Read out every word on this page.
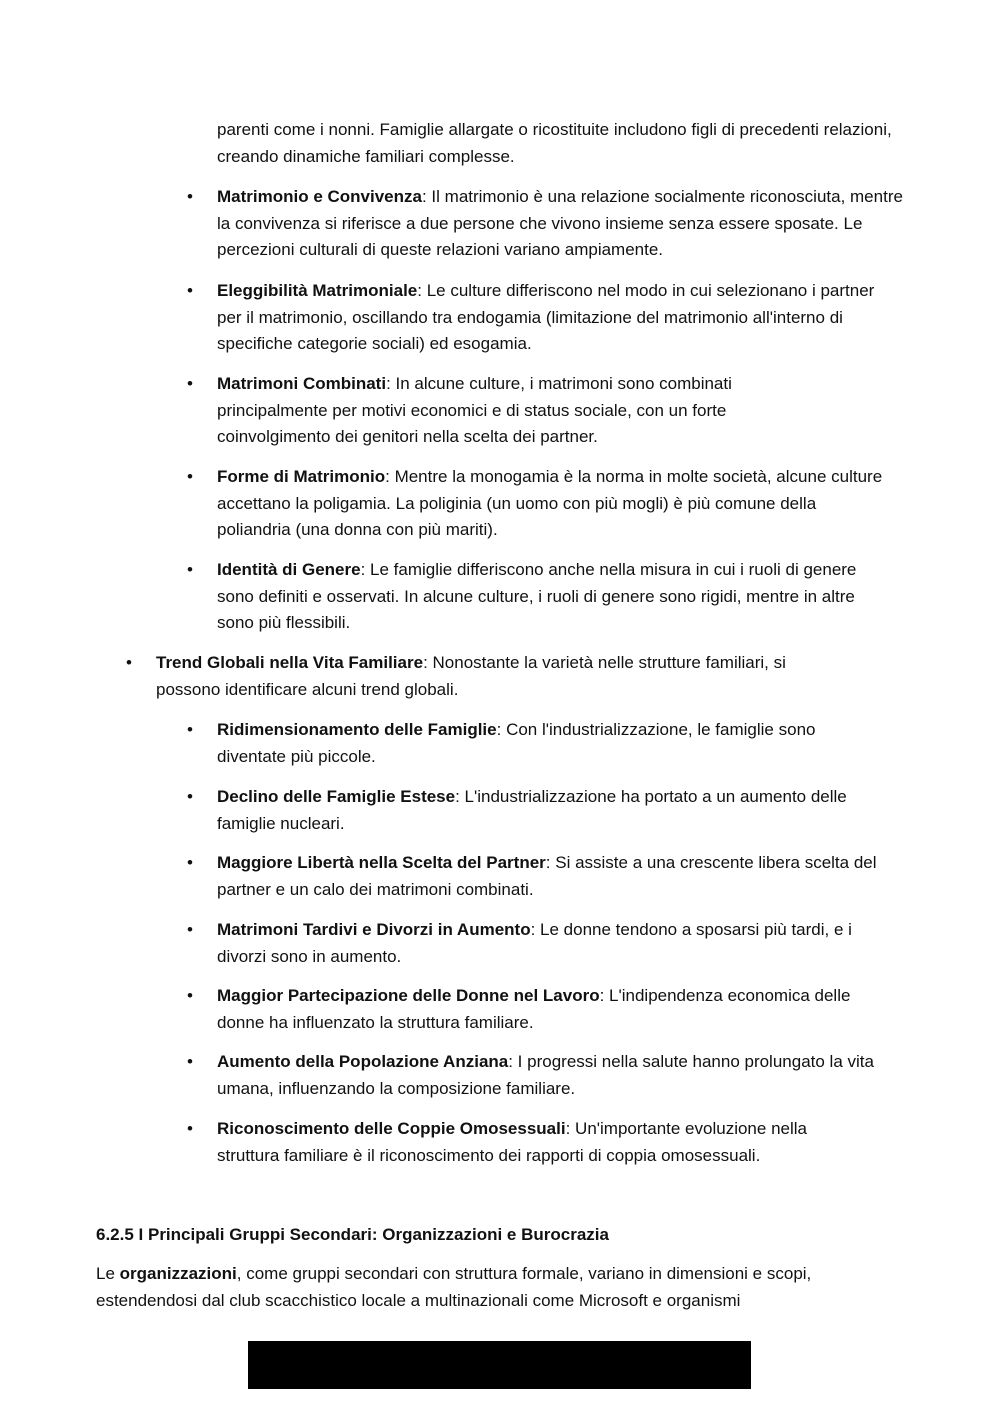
parenti come i nonni. Famiglie allargate o ricostituite includono figli di precedenti relazioni, creando dinamiche familiari complesse.
• Matrimonio e Convivenza: Il matrimonio è una relazione socialmente riconosciuta, mentre la convivenza si riferisce a due persone che vivono insieme senza essere sposate. Le percezioni culturali di queste relazioni variano ampiamente.
• Eleggibilità Matrimoniale: Le culture differiscono nel modo in cui selezionano i partner per il matrimonio, oscillando tra endogamia (limitazione del matrimonio all'interno di specifiche categorie sociali) ed esogamia.
• Matrimoni Combinati: In alcune culture, i matrimoni sono combinati principalmente per motivi economici e di status sociale, con un forte coinvolgimento dei genitori nella scelta dei partner.
• Forme di Matrimonio: Mentre la monogamia è la norma in molte società, alcune culture accettano la poligamia. La poliginia (un uomo con più mogli) è più comune della poliandria (una donna con più mariti).
• Identità di Genere: Le famiglie differiscono anche nella misura in cui i ruoli di genere sono definiti e osservati. In alcune culture, i ruoli di genere sono rigidi, mentre in altre sono più flessibili.
• Trend Globali nella Vita Familiare: Nonostante la varietà nelle strutture familiari, si possono identificare alcuni trend globali.
• Ridimensionamento delle Famiglie: Con l'industrializzazione, le famiglie sono diventate più piccole.
• Declino delle Famiglie Estese: L'industrializzazione ha portato a un aumento delle famiglie nucleari.
• Maggiore Libertà nella Scelta del Partner: Si assiste a una crescente libera scelta del partner e un calo dei matrimoni combinati.
• Matrimoni Tardivi e Divorzi in Aumento: Le donne tendono a sposarsi più tardi, e i divorzi sono in aumento.
• Maggior Partecipazione delle Donne nel Lavoro: L'indipendenza economica delle donne ha influenzato la struttura familiare.
• Aumento della Popolazione Anziana: I progressi nella salute hanno prolungato la vita umana, influenzando la composizione familiare.
• Riconoscimento delle Coppie Omosessuali: Un'importante evoluzione nella struttura familiare è il riconoscimento dei rapporti di coppia omosessuali.
6.2.5 I Principali Gruppi Secondari: Organizzazioni e Burocrazia
Le organizzazioni, come gruppi secondari con struttura formale, variano in dimensioni e scopi, estendendosi dal club scacchistico locale a multinazionali come Microsoft e organismi
